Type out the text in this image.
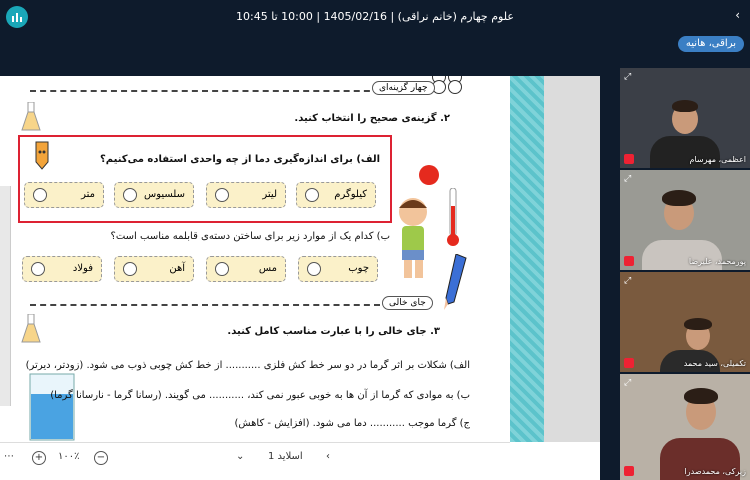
علوم چهارم (خانم نراقی) | 1405/02/16 | 10:00 تا 10:45	‹
براقی، هانیه
چهار گزینه‌ای
۲. گزینه‌ی صحیح را انتخاب کنید.
الف) برای اندازه‌گیری دما از چه واحدی استفاده می‌کنیم؟
کیلوگرم
لیتر
سلسیوس
متر
ب) کدام یک از موارد زیر برای ساختن دسته‌ی قابلمه مناسب است؟
چوب
مس
آهن
فولاد
جای خالی
۳. جای خالی را با عبارت مناسب کامل کنید.
الف) شکلات بر اثر گرما در دو سر خط کش فلزی ........... از خط کش چوبی ذوب می شود. (زودتر، دیرتر)
ب) به موادی که گرما از آن ها به خوبی عبور نمی کند، ........... می گویند. (رسانا گرما - نارسانا گرما)
ج) گرما موجب ........... دما می شود. (افزایش - کاهش)
⋯ + ۱۰۰٪ −	⌄ اسلاید 1 ‹
⤢
اعظمی، مهرسام
⤢
پورمحمد، علیرضا
⤢
تکمیلی، سید محمد
⤢
زیرکی، محمدصدرا
